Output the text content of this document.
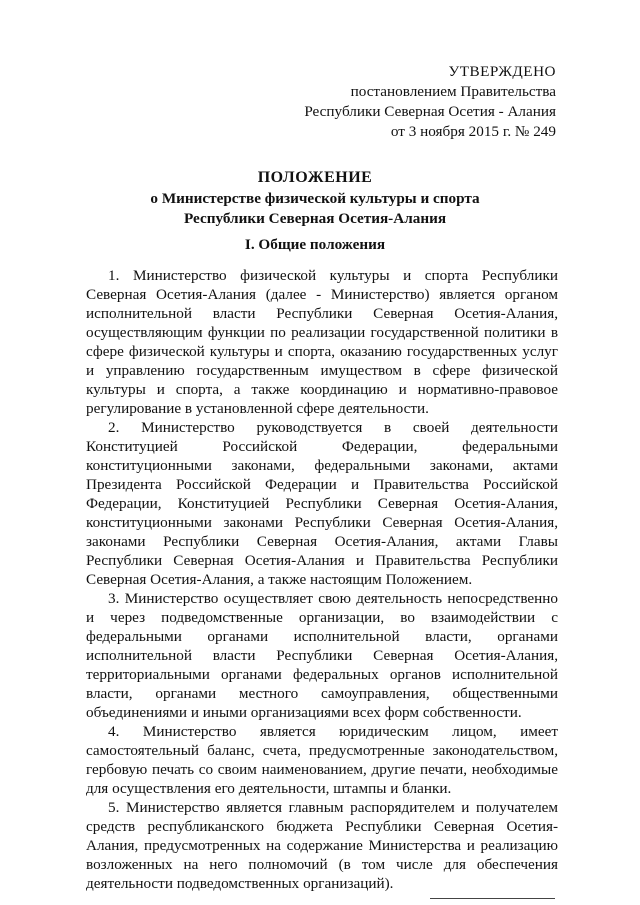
УТВЕРЖДЕНО
постановлением Правительства
Республики Северная Осетия - Алания
от 3 ноября 2015 г. № 249
ПОЛОЖЕНИЕ
о Министерстве физической культуры и спорта
Республики Северная Осетия-Алания
I. Общие положения

1. Министерство физической культуры и спорта Республики Северная Осетия-Алания (далее - Министерство) является органом исполнительной власти Республики Северная Осетия-Алания, осуществляющим функции по реализации государственной политики в сфере физической культуры и спорта, оказанию государственных услуг и управлению государственным имуществом в сфере физической культуры и спорта, а также координацию и нормативно-правовое регулирование в установленной сфере деятельности.

2. Министерство руководствуется в своей деятельности Конституцией Российской Федерации, федеральными конституционными законами, федеральными законами, актами Президента Российской Федерации и Правительства Российской Федерации, Конституцией Республики Северная Осетия-Алания, конституционными законами Республики Северная Осетия-Алания, законами Республики Северная Осетия-Алания, актами Главы Республики Северная Осетия-Алания и Правительства Республики Северная Осетия-Алания, а также настоящим Положением.

3. Министерство осуществляет свою деятельность непосредственно и через подведомственные организации, во взаимодействии с федеральными органами исполнительной власти, органами исполнительной власти Республики Северная Осетия-Алания, территориальными органами федеральных органов исполнительной власти, органами местного самоуправления, общественными объединениями и иными организациями всех форм собственности.

4. Министерство является юридическим лицом, имеет самостоятельный баланс, счета, предусмотренные законодательством, гербовую печать со своим наименованием, другие печати, необходимые для осуществления его деятельности, штампы и бланки.

5. Министерство является главным распорядителем и получателем средств республиканского бюджета Республики Северная Осетия-Алания, предусмотренных на содержание Министерства и реализацию возложенных на него полномочий (в том числе для обеспечения деятельности подведомственных организаций).
